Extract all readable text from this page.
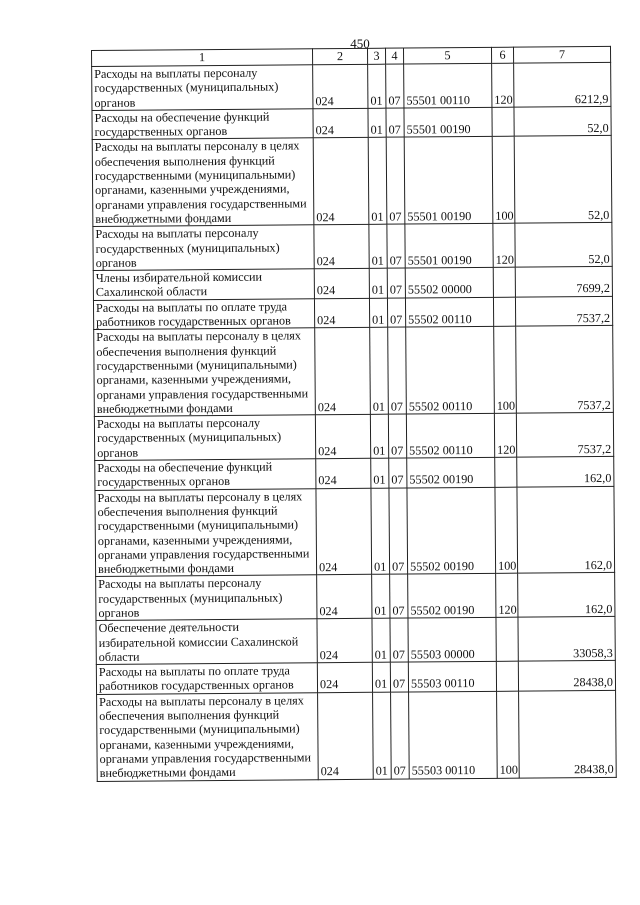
450
1	2	3	4	5	6	7
Расходы на выплаты персоналу государственных (муниципальных) органов	024	01	07	55501 00110	120	6212,9
Расходы на обеспечение функций государственных органов	024	01	07	55501 00190		52,0
Расходы на выплаты персоналу в целях обеспечения выполнения функций государственными (муниципальными) органами, казенными учреждениями, органами управления государственными внебюджетными фондами	024	01	07	55501 00190	100	52,0
Расходы на выплаты персоналу государственных (муниципальных) органов	024	01	07	55501 00190	120	52,0
Члены избирательной комиссии Сахалинской области	024	01	07	55502 00000		7699,2
Расходы на выплаты по оплате труда работников государственных органов	024	01	07	55502 00110		7537,2
Расходы на выплаты персоналу в целях обеспечения выполнения функций государственными (муниципальными) органами, казенными учреждениями, органами управления государственными внебюджетными фондами	024	01	07	55502 00110	100	7537,2
Расходы на выплаты персоналу государственных (муниципальных) органов	024	01	07	55502 00110	120	7537,2
Расходы на обеспечение функций государственных органов	024	01	07	55502 00190		162,0
Расходы на выплаты персоналу в целях обеспечения выполнения функций государственными (муниципальными) органами, казенными учреждениями, органами управления государственными внебюджетными фондами	024	01	07	55502 00190	100	162,0
Расходы на выплаты персоналу государственных (муниципальных) органов	024	01	07	55502 00190	120	162,0
Обеспечение деятельности избирательной комиссии Сахалинской области	024	01	07	55503 00000		33058,3
Расходы на выплаты по оплате труда работников государственных органов	024	01	07	55503 00110		28438,0
Расходы на выплаты персоналу в целях обеспечения выполнения функций государственными (муниципальными) органами, казенными учреждениями, органами управления государственными внебюджетными фондами	024	01	07	55503 00110	100	28438,0
